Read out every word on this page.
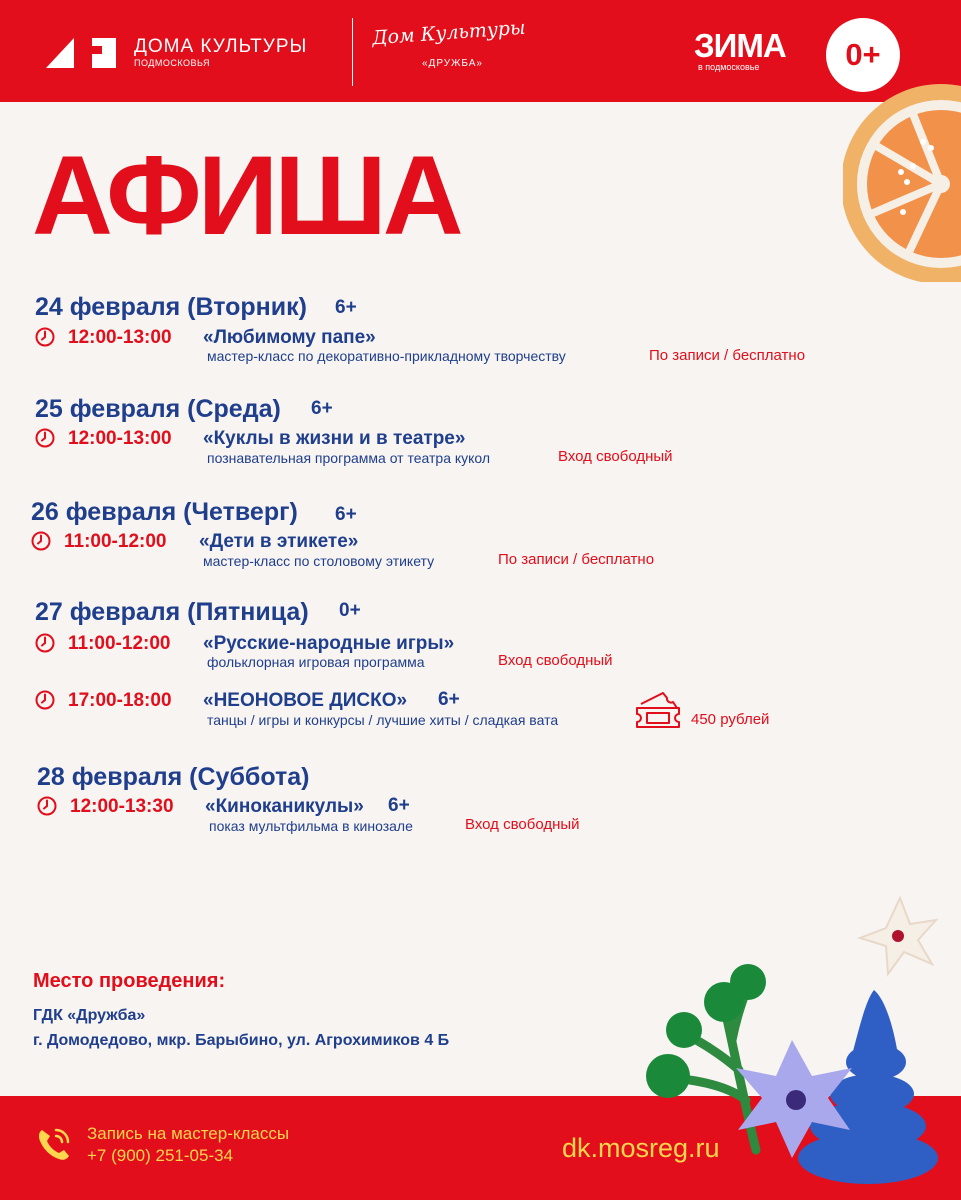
ДОМА КУЛЬТУРЫ
ПОДМОСКОВЬЯ
Дом Культуры
«ДРУЖБА»	ЗИМА
в подмосковье	0+
АФИША
24 февраля (Вторник) 6+
12:00-13:00 «Любимому папе»
мастер-класс по декоративно-прикладному творчеству	По записи / бесплатно
25 февраля (Среда) 6+
12:00-13:00 «Куклы в жизни и в театре»
познавательная программа от театра кукол	Вход свободный
26 февраля (Четверг) 6+
11:00-12:00 «Дети в этикете»
мастер-класс по столовому этикету	По записи / бесплатно
27 февраля (Пятница) 0+
11:00-12:00 «Русские-народные игры»
фольклорная игровая программа	Вход свободный
17:00-18:00 «НЕОНОВОЕ ДИСКО» 6+
танцы / игры и конкурсы / лучшие хиты / сладкая вата	450 рублей
28 февраля (Суббота)
12:00-13:30 «Киноканикулы» 6+
показ мультфильма в кинозале	Вход свободный
Место проведения:
ГДК «Дружба»
г. Домодедово, мкр. Барыбино, ул. Агрохимиков 4 Б
Запись на мастер-классы
+7 (900) 251-05-34	dk.mosreg.ru
